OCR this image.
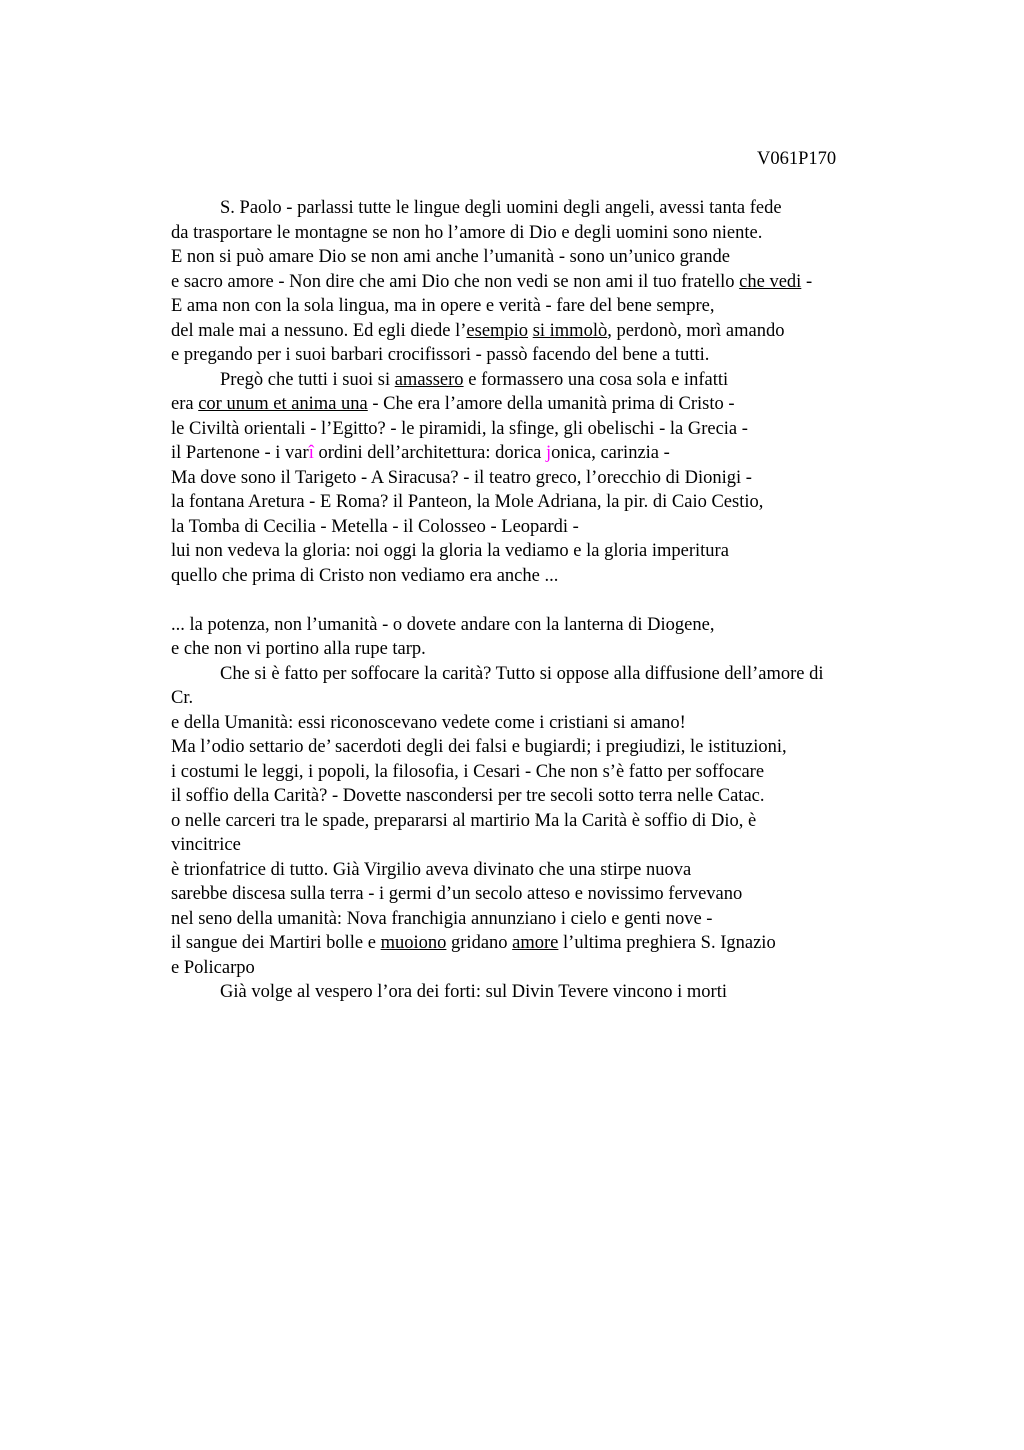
V061P170
S. Paolo - parlassi tutte le lingue degli uomini degli angeli, avessi tanta fede
da trasportare le montagne se non ho l’amore di Dio e degli uomini sono niente.
E non si può amare Dio se non ami anche l’umanità - sono un’unico grande
e sacro amore - Non dire che ami Dio che non vedi se non ami il tuo fratello che vedi -
E ama non con la sola lingua, ma in opere e verità - fare del bene sempre,
del male mai a nessuno. Ed egli diede l’esempio si immolò, perdonò, morì amando
e pregando per i suoi barbari crocifissori - passò facendo del bene a tutti.
Pregò che tutti i suoi si amassero e formassero una cosa sola e infatti
era cor unum et anima una - Che era l’amore della umanità prima di Cristo -
le Civiltà orientali - l’Egitto? - le piramidi, la sfinge, gli obelischi - la Grecia -
il Partenone - i varî ordini dell’architettura: dorica jonica, carinzia -
Ma dove sono il Tarigeto - A Siracusa? - il teatro greco, l’orecchio di Dionigi -
la fontana Aretura - E Roma? il Panteon, la Mole Adriana, la pir. di Caio Cestio,
la Tomba di Cecilia - Metella - il Colosseo - Leopardi -
lui non vedeva la gloria: noi oggi la gloria la vediamo e la gloria imperitura
quello che prima di Cristo non vediamo era anche ...
... la potenza, non l’umanità - o dovete andare con la lanterna di Diogene,
e che non vi portino alla rupe tarp.
Che si è fatto per soffocare la carità? Tutto si oppose alla diffusione dell’amore di
Cr.
e della Umanità: essi riconoscevano vedete come i cristiani si amano!
Ma l’odio settario de’ sacerdoti degli dei falsi e bugiardi; i pregiudizi, le istituzioni,
i costumi le leggi, i popoli, la filosofia, i Cesari - Che non s’è fatto per soffocare
il soffio della Carità? - Dovette nascondersi per tre secoli sotto terra nelle Catac.
o nelle carceri tra le spade, prepararsi al martirio Ma la Carità è soffio di Dio, è
vincitrice
è trionfatrice di tutto. Già Virgilio aveva divinato che una stirpe nuova
sarebbe discesa sulla terra - i germi d’un secolo atteso e novissimo fervevano
nel seno della umanità: Nova franchigia annunziano i cielo e genti nove -
il sangue dei Martiri bolle e muoiono gridano amore l’ultima preghiera S. Ignazio
e Policarpo
Già volge al vespero l’ora dei forti: sul Divin Tevere vincono i morti
